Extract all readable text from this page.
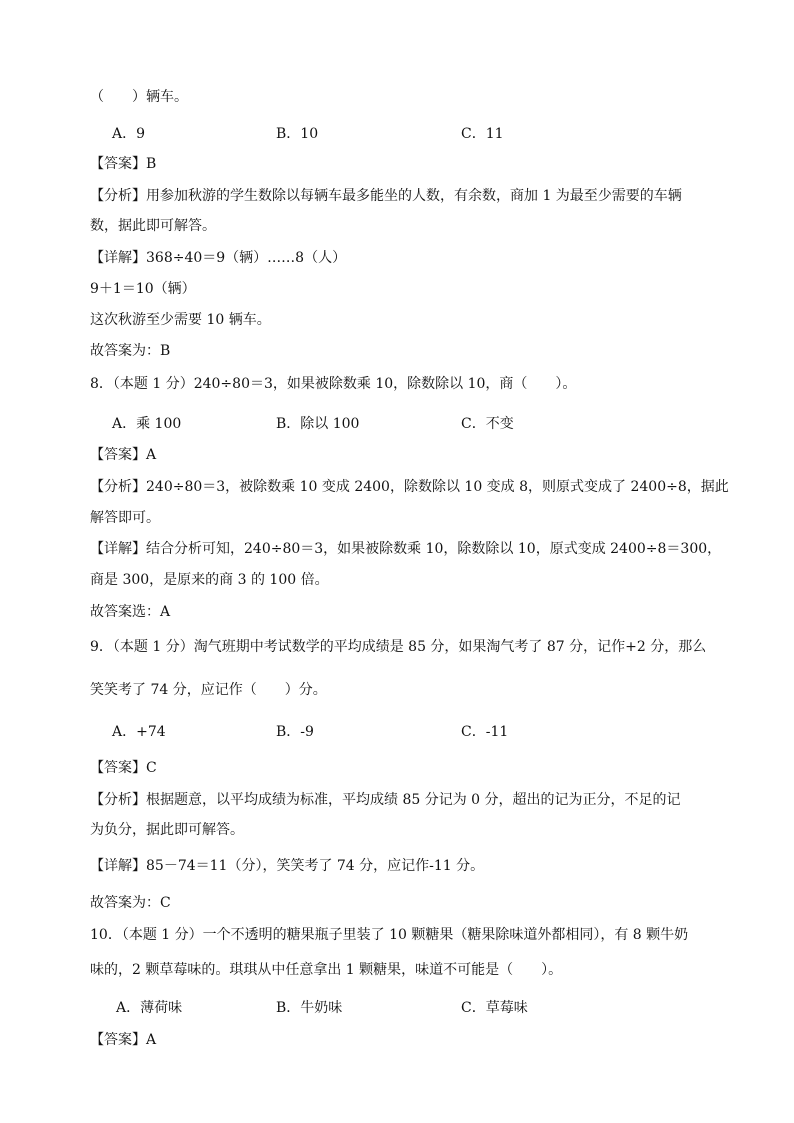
（　　）辆车。
A．9	B．10	C．11
【答案】B
【分析】用参加秋游的学生数除以每辆车最多能坐的人数，有余数，商加 1 为最至少需要的车辆
数，据此即可解答。
【详解】368÷40＝9（辆）……8（人）
9＋1＝10（辆）
这次秋游至少需要 10 辆车。
故答案为：B
8．（本题 1 分）240÷80＝3，如果被除数乘 10，除数除以 10，商（　　）。
A．乘 100	B．除以 100	C．不变
【答案】A
【分析】240÷80＝3，被除数乘 10 变成 2400，除数除以 10 变成 8，则原式变成了 2400÷8，据此
解答即可。
【详解】结合分析可知，240÷80＝3，如果被除数乘 10，除数除以 10，原式变成 2400÷8＝300，
商是 300，是原来的商 3 的 100 倍。
故答案选：A
9．（本题 1 分）淘气班期中考试数学的平均成绩是 85 分，如果淘气考了 87 分，记作+2 分，那么
笑笑考了 74 分，应记作（　　）分。
A．+74	B．-9	C．-11
【答案】C
【分析】根据题意，以平均成绩为标准，平均成绩 85 分记为 0 分，超出的记为正分，不足的记
为负分，据此即可解答。
【详解】85－74＝11（分），笑笑考了 74 分，应记作-11 分。
故答案为：C
10．（本题 1 分）一个不透明的糖果瓶子里装了 10 颗糖果（糖果除味道外都相同），有 8 颗牛奶
味的，2 颗草莓味的。琪琪从中任意拿出 1 颗糖果，味道不可能是（　　）。
A．薄荷味	B．牛奶味	C．草莓味
【答案】A
